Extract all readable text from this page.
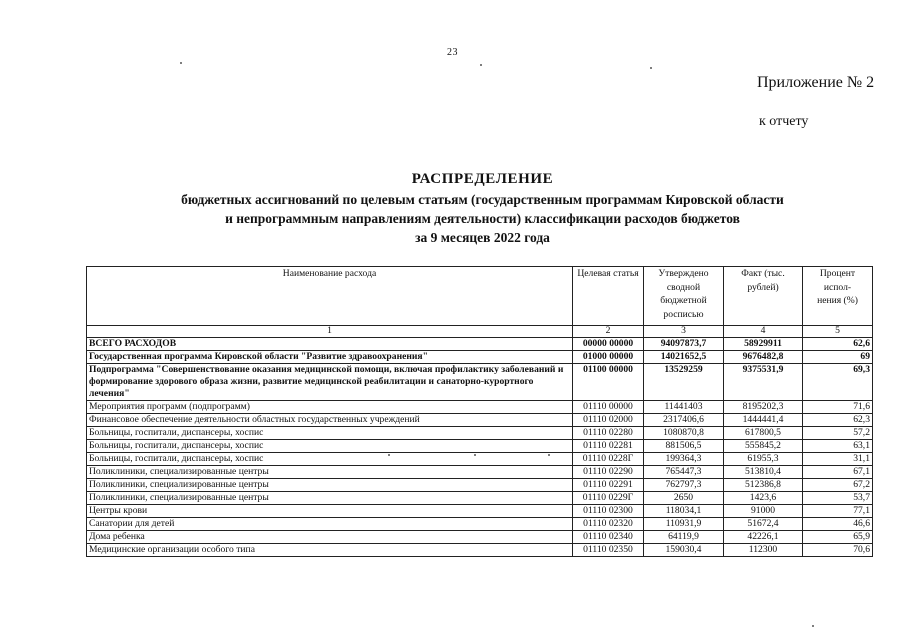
23
Приложение № 2
к отчету
РАСПРЕДЕЛЕНИЕ
бюджетных ассигнований по целевым статьям (государственным программам Кировской области
и непрограммным направлениям деятельности) классификации расходов бюджетов
за 9 месяцев 2022 года
Наименование расхода	Целевая статья	Утверждено сводной бюджетной росписью	Факт (тыс. рублей)	Процент испол- нения (%)

1	2	3	4	5
ВСЕГО РАСХОДОВ	00000 00000	94097873,7	58929911	62,6
Государственная программа Кировской области "Развитие здравоохранения"	01000 00000	14021652,5	9676482,8	69
Подпрограмма "Совершенствование оказания медицинской помощи, включая профилактику заболеваний и формирование здорового образа жизни, развитие медицинской реабилитации и санаторно-курортного лечения"	01100 00000	13529259	9375531,9	69,3
Мероприятия программ (подпрограмм)	01110 00000	11441403	8195202,3	71,6
Финансовое обеспечение деятельности областных государственных учреждений	01110 02000	2317406,6	1444441,4	62,3
Больницы, госпитали, диспансеры, хоспис	01110 02280	1080870,8	617800,5	57,2
Больницы, госпитали, диспансеры, хоспис	01110 02281	881506,5	555845,2	63,1
Больницы, госпитали, диспансеры, хоспис	01110 0228Г	199364,3	61955,3	31,1
Поликлиники, специализированные центры	01110 02290	765447,3	513810,4	67,1
Поликлиники, специализированные центры	01110 02291	762797,3	512386,8	67,2
Поликлиники, специализированные центры	01110 0229Г	2650	1423,6	53,7
Центры крови	01110 02300	118034,1	91000	77,1
Санатории для детей	01110 02320	110931,9	51672,4	46,6
Дома ребенка	01110 02340	64119,9	42226,1	65,9
Медицинские организации особого типа	01110 02350	159030,4	112300	70,6
